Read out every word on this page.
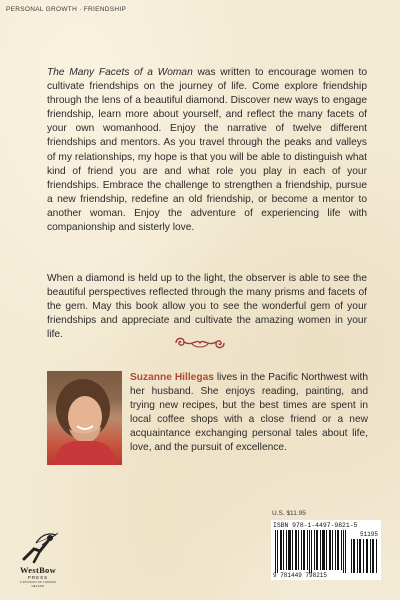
PERSONAL GROWTH · FRIENDSHIP

The Many Facets of a Woman was written to encourage women to cultivate friendships on the journey of life. Come explore friendship through the lens of a beautiful diamond. Discover new ways to engage friendship, learn more about yourself, and reflect the many facets of your own womanhood. Enjoy the narrative of twelve different friendships and mentors. As you travel through the peaks and valleys of my relationships, my hope is that you will be able to distinguish what kind of friend you are and what role you play in each of your friendships. Embrace the challenge to strengthen a friendship, pursue a new friendship, redefine an old friendship, or become a mentor to another woman. Enjoy the adventure of experiencing life with companionship and sisterly love.

When a diamond is held up to the light, the observer is able to see the beautiful perspectives reflected through the many prisms and facets of the gem. May this book allow you to see the wonderful gem of your friendships and appreciate and cultivate the amazing women in your life.

Suzanne Hillegas lives in the Pacific Northwest with her husband. She enjoys reading, painting, and trying new recipes, but the best times are spent in local coffee shops with a close friend or a new acquaintance exchanging personal tales about life, love, and the pursuit of excellence.

U.S. $11.95
ISBN 978-1-4497-9821-5
51195
9 781449 798215
WestBow
PRESS
A DIVISION OF THOMAS NELSON
